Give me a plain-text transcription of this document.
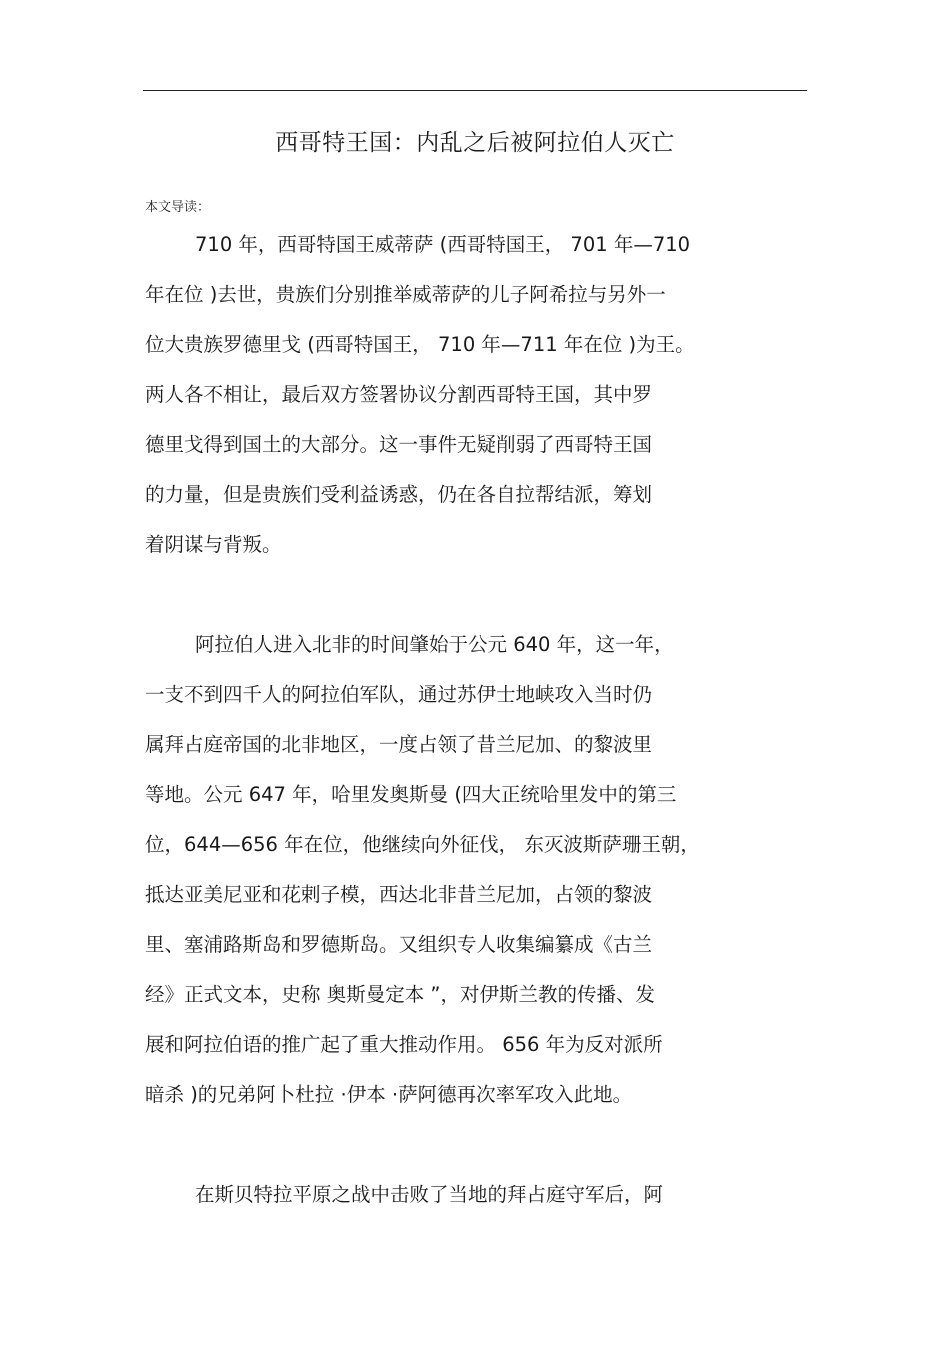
西哥特王国：内乱之后被阿拉伯人灭亡
本文导读：
710 年，西哥特国王威蒂萨 (西哥特国王， 701 年—710
年在位 )去世，贵族们分别推举威蒂萨的儿子阿希拉与另外一
位大贵族罗德里戈 (西哥特国王， 710 年—711 年在位 )为王。
两人各不相让，最后双方签署协议分割西哥特王国，其中罗
德里戈得到国土的大部分。这一事件无疑削弱了西哥特王国
的力量，但是贵族们受利益诱惑，仍在各自拉帮结派，筹划
着阴谋与背叛。
阿拉伯人进入北非的时间肇始于公元 640 年，这一年，
一支不到四千人的阿拉伯军队，通过苏伊士地峡攻入当时仍
属拜占庭帝国的北非地区，一度占领了昔兰尼加、的黎波里
等地。公元 647 年，哈里发奥斯曼 (四大正统哈里发中的第三
位，644—656 年在位，他继续向外征伐， 东灭波斯萨珊王朝，
抵达亚美尼亚和花剌子模，西达北非昔兰尼加，占领的黎波
里、塞浦路斯岛和罗德斯岛。又组织专人收集编纂成《古兰
经》正式文本，史称 奥斯曼定本 ”，对伊斯兰教的传播、发
展和阿拉伯语的推广起了重大推动作用。 656 年为反对派所
暗杀 )的兄弟阿卜杜拉 ·伊本 ·萨阿德再次率军攻入此地。
在斯贝特拉平原之战中击败了当地的拜占庭守军后，阿
